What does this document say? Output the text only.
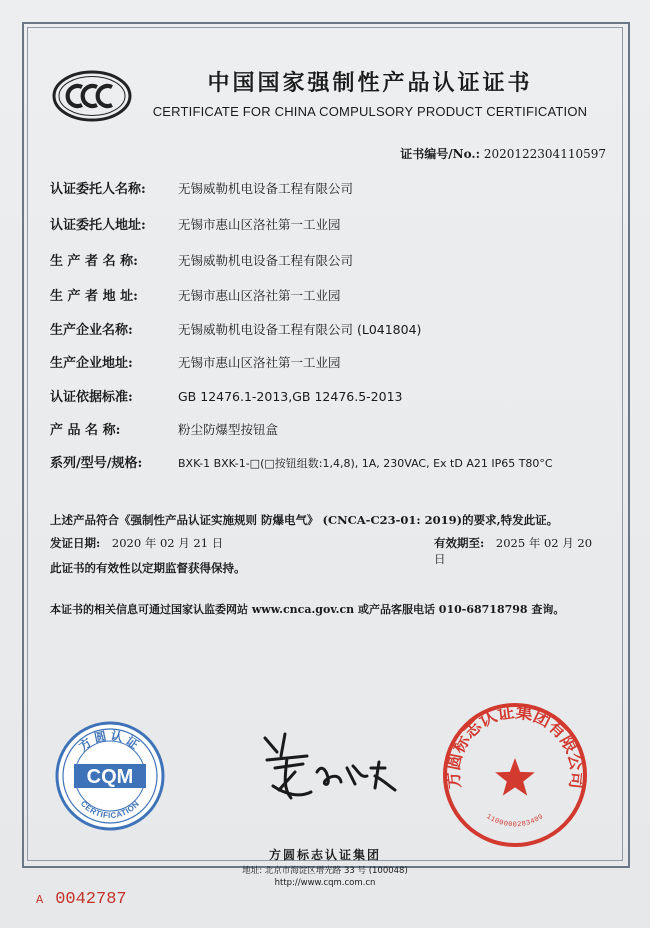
中国国家强制性产品认证证书
CERTIFICATE FOR CHINA COMPULSORY PRODUCT CERTIFICATION
证书编号/No.: 2020122304110597
认证委托人名称:	无锡威勒机电设备工程有限公司
认证委托人地址:	无锡市惠山区洛社第一工业园
生 产 者 名 称:	无锡威勒机电设备工程有限公司
生 产 者 地 址:	无锡市惠山区洛社第一工业园
生产企业名称:	无锡威勒机电设备工程有限公司 (L041804)
生产企业地址:	无锡市惠山区洛社第一工业园
认证依据标准:	GB 12476.1-2013,GB 12476.5-2013
产 品 名 称:	粉尘防爆型按钮盒
系列/型号/规格:	BXK-1 BXK-1-□(□按钮组数:1,4,8), 1A, 230VAC, Ex tD A21 IP65 T80°C
上述产品符合《强制性产品认证实施规则 防爆电气》 (CNCA-C23-01: 2019)的要求,特发此证。
发证日期: 2020 年 02 月 21 日	有效期至: 2025 年 02 月 20 日
此证书的有效性以定期监督获得保持。
本证书的相关信息可通过国家认监委网站 www.cnca.gov.cn 或产品客服电话 010-68718798 查询。
方圆认证
CQM
CERTIFICATION
方圆标志认证集团有限公司
1100000283409
方圆标志认证集团
地址: 北京市海淀区增光路 33 号 (100048)
http://www.cqm.com.cn
A 0042787
